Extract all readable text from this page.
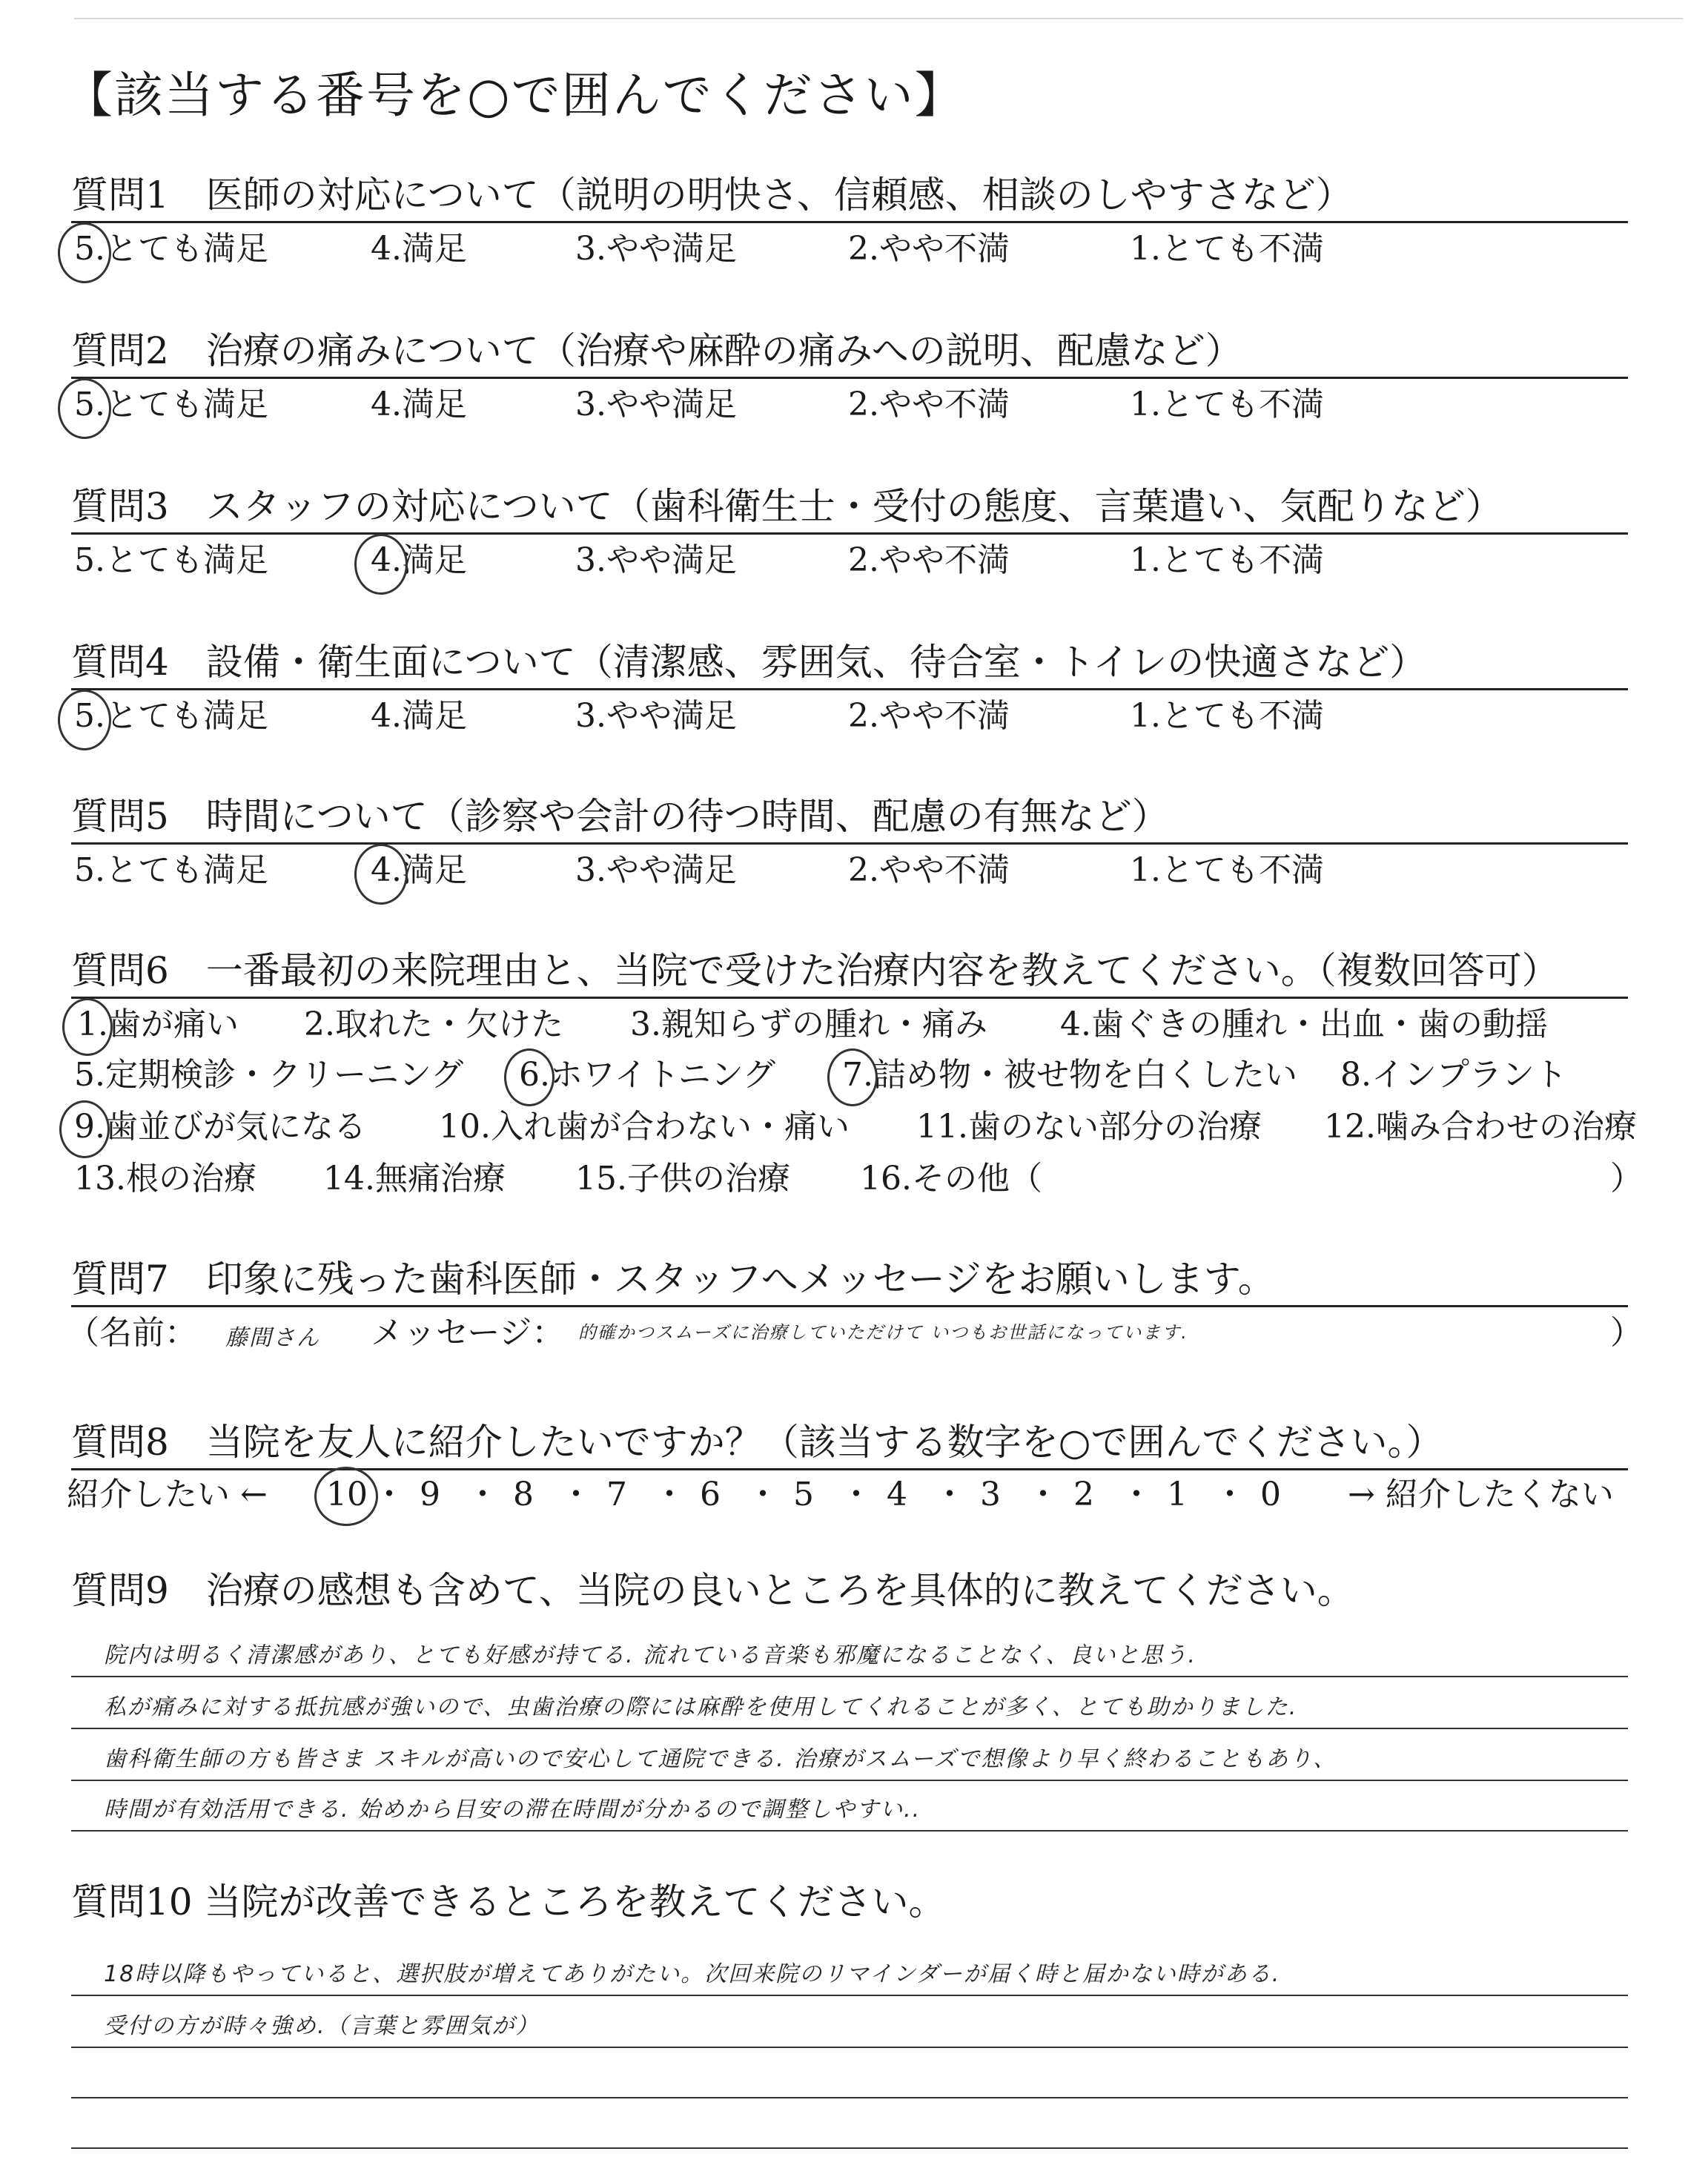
【該当する番号を○で囲んでください】
質問1　医師の対応について（説明の明快さ、信頼感、相談のしやすさなど）
5.とても満足	4.満足	3.やや満足	2.やや不満	1.とても不満
質問2　治療の痛みについて（治療や麻酔の痛みへの説明、配慮など）
5.とても満足	4.満足	3.やや満足	2.やや不満	1.とても不満
質問3　スタッフの対応について（歯科衛生士・受付の態度、言葉遣い、気配りなど）
5.とても満足	4.満足	3.やや満足	2.やや不満	1.とても不満
質問4　設備・衛生面について（清潔感、雰囲気、待合室・トイレの快適さなど）
5.とても満足	4.満足	3.やや満足	2.やや不満	1.とても不満
質問5　時間について（診察や会計の待つ時間、配慮の有無など）
5.とても満足	4.満足	3.やや満足	2.やや不満	1.とても不満
質問6　一番最初の来院理由と、当院で受けた治療内容を教えてください。（複数回答可）
1.歯が痛い 2.取れた・欠けた 3.親知らずの腫れ・痛み 4.歯ぐきの腫れ・出血・歯の動揺
5.定期検診・クリーニング 6.ホワイトニング 7.詰め物・被せ物を白くしたい 8.インプラント
9.歯並びが気になる 10.入れ歯が合わない・痛い 11.歯のない部分の治療 12.噛み合わせの治療
13.根の治療 14.無痛治療 15.子供の治療 16.その他（	）
質問7　印象に残った歯科医師・スタッフへメッセージをお願いします。
（名前： 藤間さん メッセージ： 的確かつスムーズに治療していただけて いつもお世話になっています.	）
質問8　当院を友人に紹介したいですか？（該当する数字を○で囲んでください。）
紹介したい ← 10 ・ 9 ・ 8 ・ 7 ・ 6 ・ 5 ・ 4 ・ 3 ・ 2 ・ 1 ・ 0 → 紹介したくない
質問9　治療の感想も含めて、当院の良いところを具体的に教えてください。
院内は明るく清潔感があり、とても好感が持てる. 流れている音楽も邪魔になることなく、良いと思う.
私が痛みに対する抵抗感が強いので、虫歯治療の際には麻酔を使用してくれることが多く、とても助かりました.
歯科衛生師の方も皆さま スキルが高いので安心して通院できる. 治療がスムーズで想像より早く終わることもあり、
時間が有効活用できる. 始めから目安の滞在時間が分かるので調整しやすい..
質問10 当院が改善できるところを教えてください。
18時以降もやっていると、選択肢が増えてありがたい。次回来院のリマインダーが届く時と届かない時がある.
受付の方が時々強め.（言葉と雰囲気が）
